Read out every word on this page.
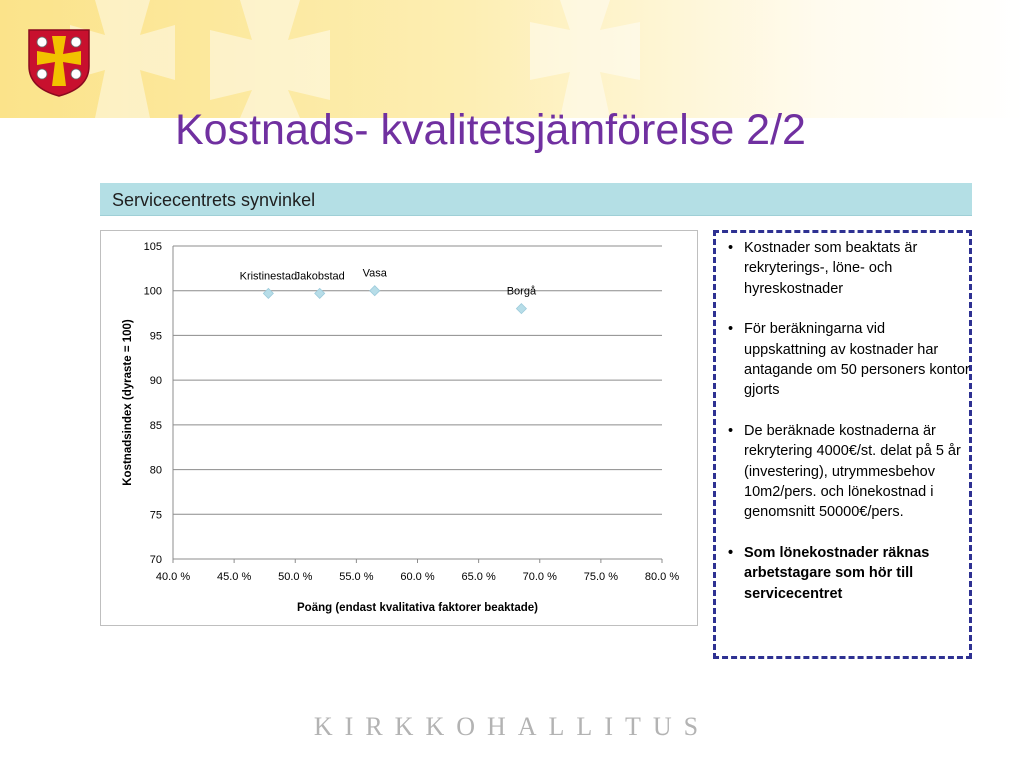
Kostnads- kvalitetsjämförelse 2/2
Servicecentrets synvinkel
70
75
80
85
90
95
100
105
40.0 % 45.0 % 50.0 % 55.0 % 60.0 % 65.0 % 70.0 % 75.0 % 80.0 %
Poäng (endast kvalitativa faktorer beaktade)
Kostnadsindex (dyraste = 100)
Kristinestad
Jakobstad Vasa
Borgå
• Kostnader som beaktats är rekryterings-, löne- och hyreskostnader
• För beräkningarna vid uppskattning av kostnader har antagande om 50 personers kontor gjorts
• De beräknade kostnaderna är rekrytering 4000€/st. delat på 5 år (investering), utrymmesbehov 10m2/pers. och lönekostnad i genomsnitt 50000€/pers.
• Som lönekostnader räknas arbetstagare som hör till servicecentret
KIRKKOHALLITUS
